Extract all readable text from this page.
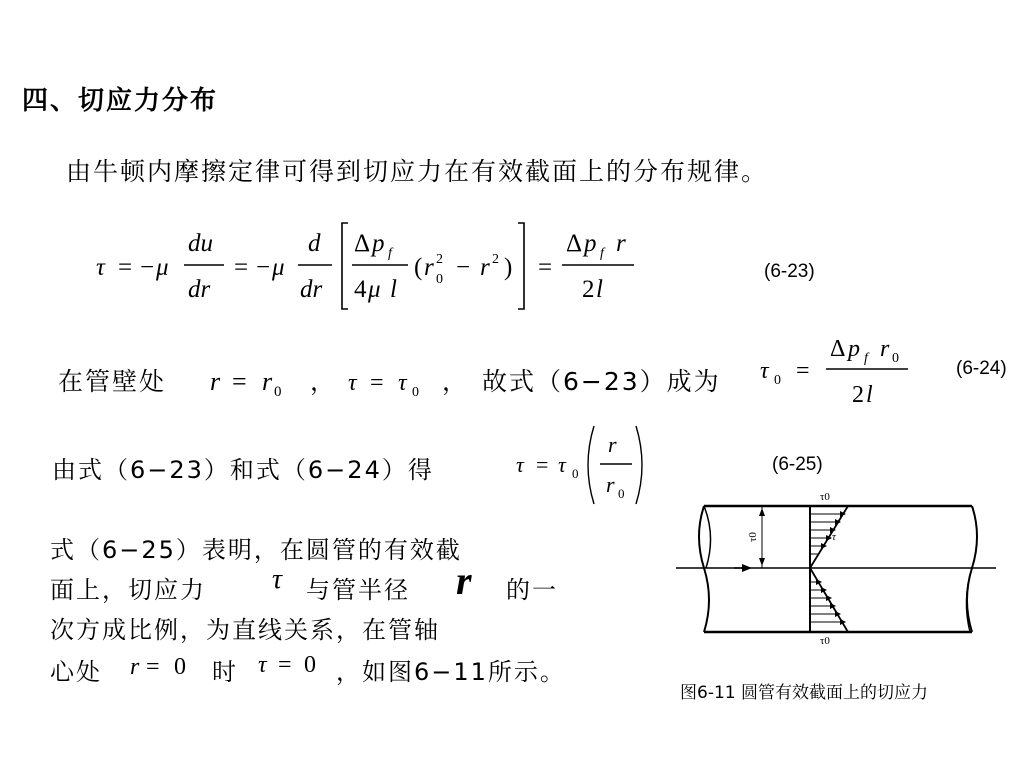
四、切应力分布
由牛顿内摩擦定律可得到切应力在有效截面上的分布规律。
τ = − μ
du
dr
= − μ
d
dr
Δ p f
4 μ l
( r 2
0 − r 2 ) =
Δ p f r
2 l
(6-23)
在管壁处 r = r 0 ， τ = τ 0 ， 故式（6−23）成为 τ 0 =
Δ p f r 0
2 l
(6-24)
由式（6−23）和式（6−24）得	τ = τ 0
r
r 0
(6-25)
式（6−25）表明，在圆管的有效截
面上，切应力 τ 与管半径 r 的一
次方成比例，为直线关系，在管轴
心处 r = 0 时 τ = 0 ，如图6−11所示。
τ0
τ0
τ
τ0
图6-11 圆管有效截面上的切应力
